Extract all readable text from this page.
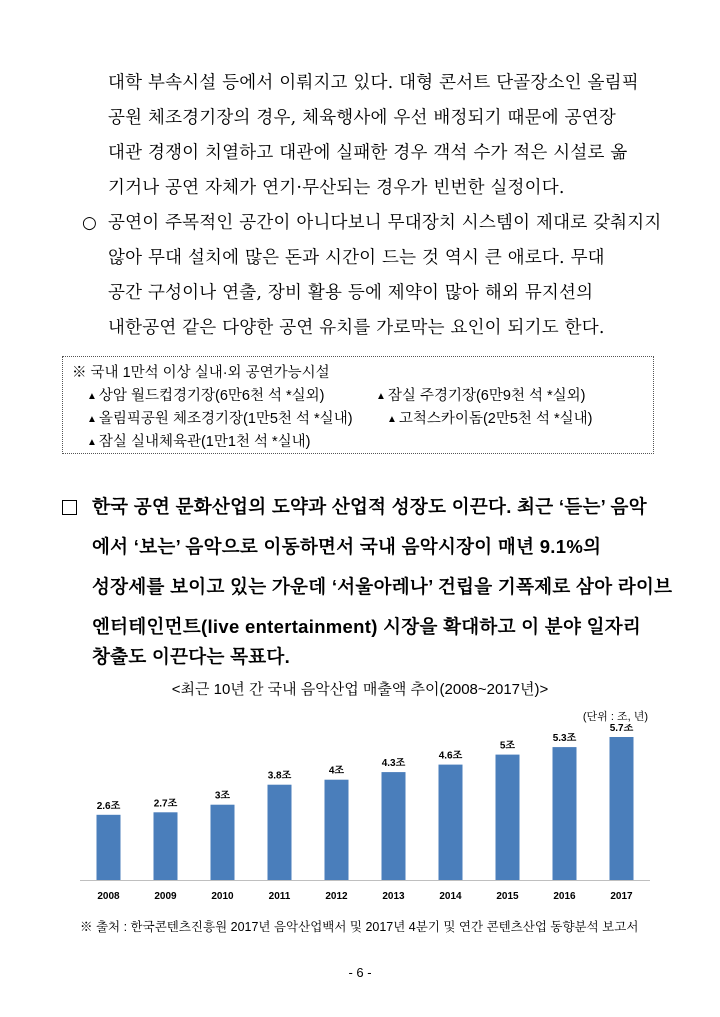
대학 부속시설 등에서 이뤄지고 있다. 대형 콘서트 단골장소인 올림픽
공원 체조경기장의 경우, 체육행사에 우선 배정되기 때문에 공연장
대관 경쟁이 치열하고 대관에 실패한 경우 객석 수가 적은 시설로 옮
기거나 공연 자체가 연기·무산되는 경우가 빈번한 실정이다.
○ 공연이 주목적인 공간이 아니다보니 무대장치 시스템이 제대로 갖춰지지
않아 무대 설치에 많은 돈과 시간이 드는 것 역시 큰 애로다. 무대
공간 구성이나 연출, 장비 활용 등에 제약이 많아 해외 뮤지션의
내한공연 같은 다양한 공연 유치를 가로막는 요인이 되기도 한다.
※ 국내 1만석 이상 실내·외 공연가능시설
▲ 상암 월드컵경기장(6만6천 석 *실외)	▲ 잠실 주경기장(6만9천 석 *실외)
▲ 올림픽공원 체조경기장(1만5천 석 *실내)	▲ 고척스카이돔(2만5천 석 *실내)
▲ 잠실 실내체육관(1만1천 석 *실내)
한국 공연 문화산업의 도약과 산업적 성장도 이끈다. 최근 ‘듣는’ 음악
에서 ‘보는’ 음악으로 이동하면서 국내 음악시장이 매년 9.1%의
성장세를 보이고 있는 가운데 ‘서울아레나’ 건립을 기폭제로 삼아 라이브
엔터테인먼트(live entertainment) 시장을 확대하고 이 분야 일자리
창출도 이끈다는 목표다.
<최근 10년 간 국내 음악산업 매출액 추이(2008~2017년)>
(단위 : 조, 년)
2.6조
2008
2.7조
2009
3조
2010
3.8조
2011
4조
2012
4.3조
2013
4.6조
2014
5조
2015
5.3조
2016
5.7조
2017
※ 출처 : 한국콘텐츠진흥원 2017년 음악산업백서 및 2017년 4분기 및 연간 콘텐츠산업 동향분석 보고서
- 6 -
